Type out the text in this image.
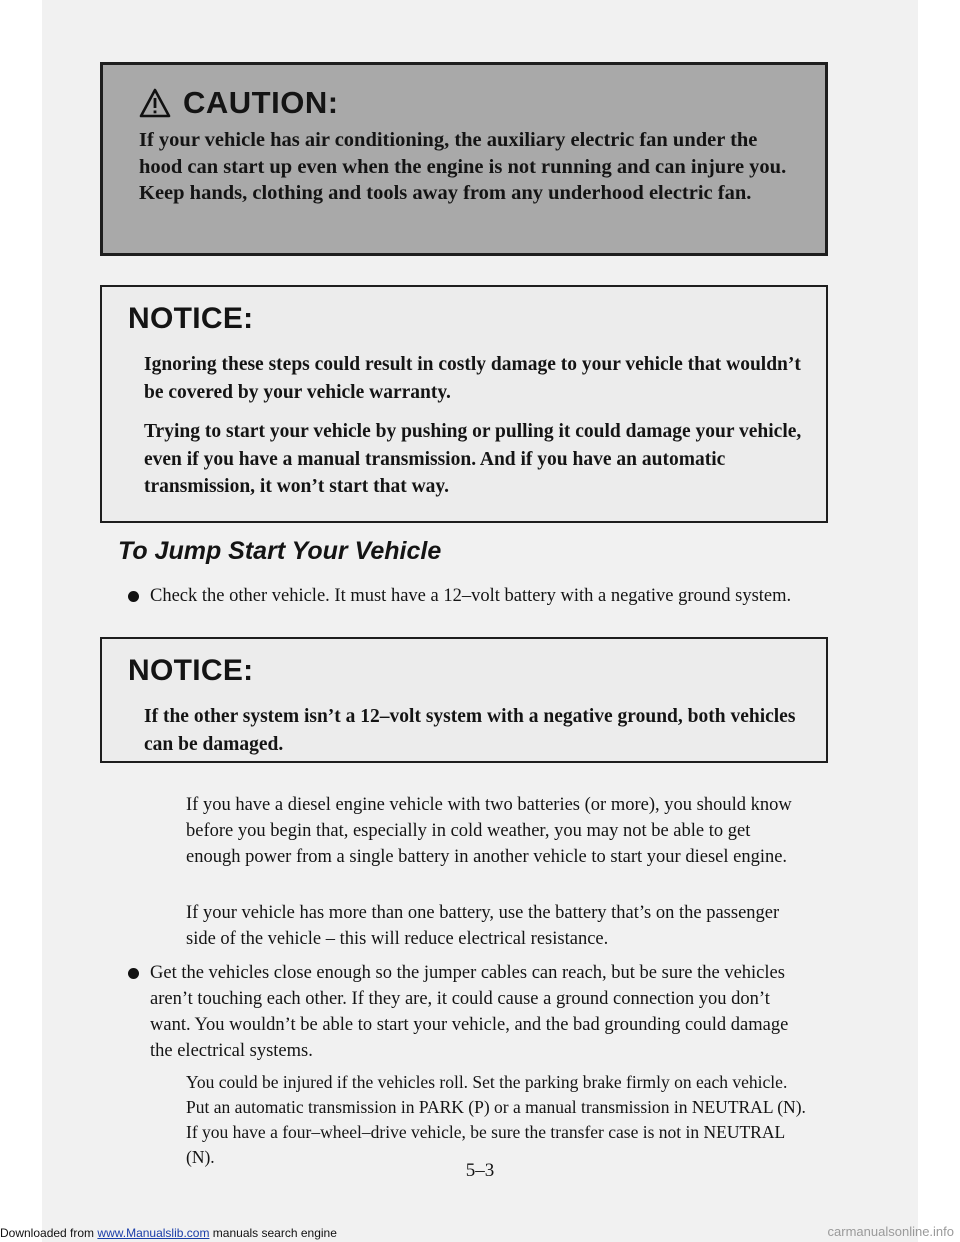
CAUTION:

If your vehicle has air conditioning, the auxiliary electric fan under the hood can start up even when the engine is not running and can injure you. Keep hands, clothing and tools away from any underhood electric fan.

NOTICE:

Ignoring these steps could result in costly damage to your vehicle that wouldn’t be covered by your vehicle warranty.

Trying to start your vehicle by pushing or pulling it could damage your vehicle, even if you have a manual transmission. And if you have an automatic transmission, it won’t start that way.

To Jump Start Your Vehicle

Check the other vehicle. It must have a 12–volt battery with a negative ground system.

NOTICE:

If the other system isn’t a 12–volt system with a negative ground, both vehicles can be damaged.

If you have a diesel engine vehicle with two batteries (or more), you should know before you begin that, especially in cold weather, you may not be able to get enough power from a single battery in another vehicle to start your diesel engine.

If your vehicle has more than one battery, use the battery that’s on the passenger side of the vehicle – this will reduce electrical resistance.

Get the vehicles close enough so the jumper cables can reach, but be sure the vehicles aren’t touching each other. If they are, it could cause a ground connection you don’t want. You wouldn’t be able to start your vehicle, and the bad grounding could damage the electrical systems.

You could be injured if the vehicles roll. Set the parking brake firmly on each vehicle. Put an automatic transmission in PARK (P) or a manual transmission in NEUTRAL (N). If you have a four–wheel–drive vehicle, be sure the transfer case is not in NEUTRAL (N).

5–3
Downloaded from www.Manualslib.com manuals search engine	carmanualsonline.info
